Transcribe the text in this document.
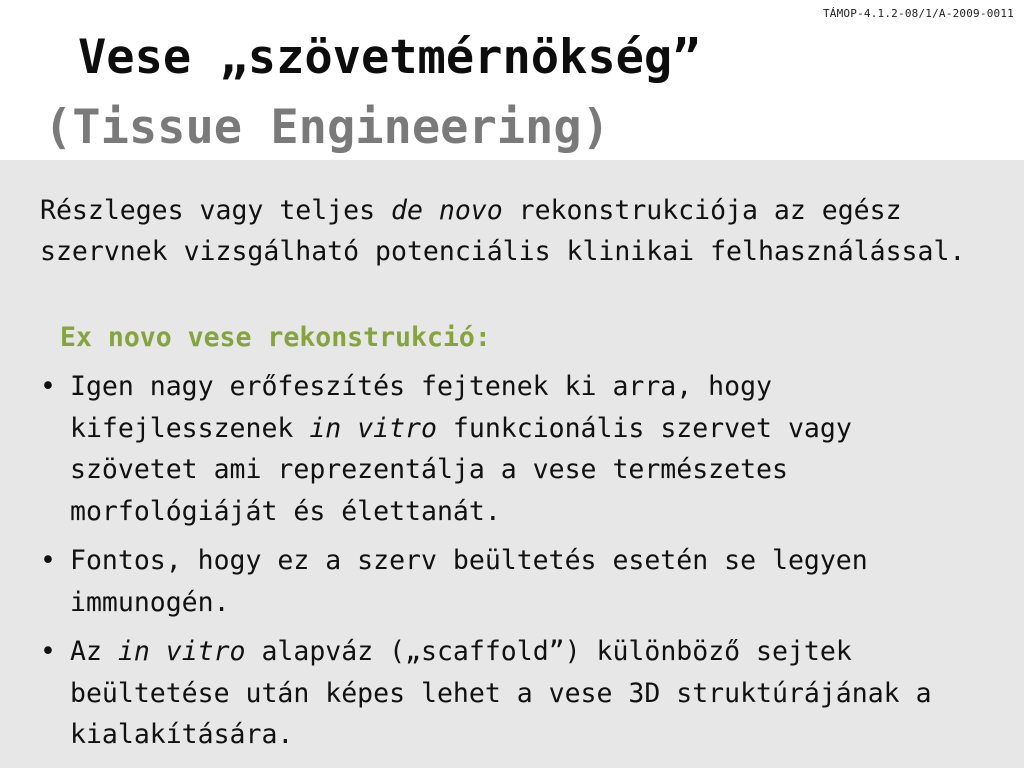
TÁMOP-4.1.2-08/1/A-2009-0011
Vese „szövetmérnökség”
(Tissue Engineering)

Részleges vagy teljes de novo rekonstrukciója az egész szervnek vizsgálható potenciális klinikai felhasználással.

Ex novo vese rekonstrukció:

• Igen nagy erőfeszítés fejtenek ki arra, hogy kifejlesszenek in vitro funkcionális szervet vagy szövetet ami reprezentálja a vese természetes morfológiáját és élettanát.
• Fontos, hogy ez a szerv beültetés esetén se legyen immunogén.
• Az in vitro alapváz („scaffold”) különböző sejtek beültetése után képes lehet a vese 3D struktúrájának a kialakítására.
